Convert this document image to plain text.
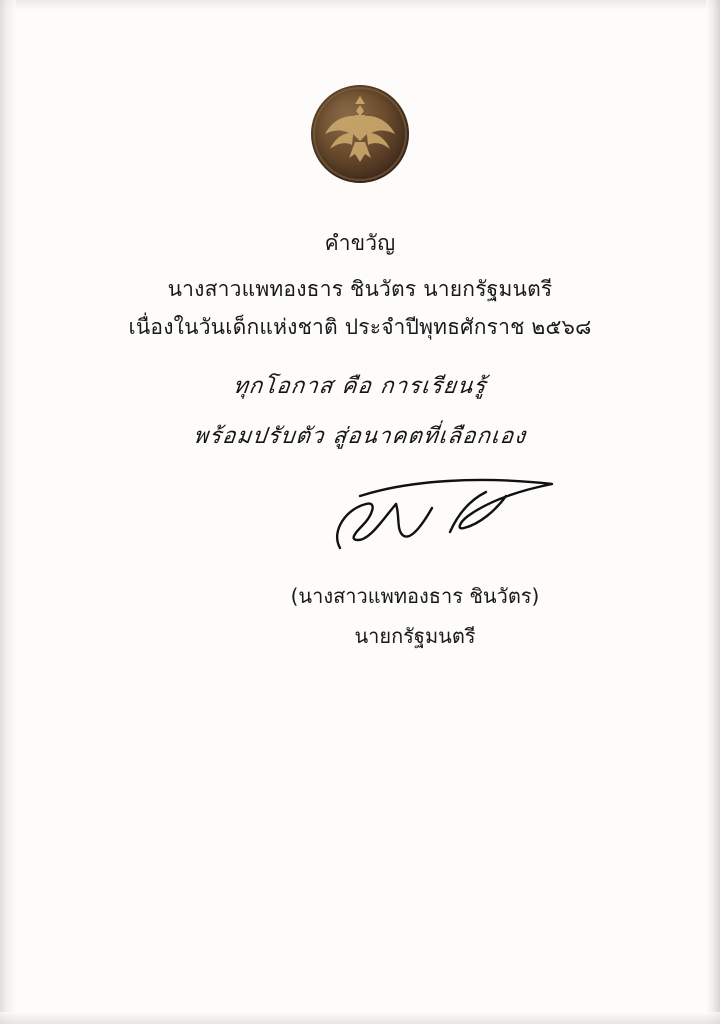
คำขวัญ
นางสาวแพทองธาร ชินวัตร นายกรัฐมนตรี
เนื่องในวันเด็กแห่งชาติ ประจำปีพุทธศักราช ๒๕๖๘
ทุกโอกาส คือ การเรียนรู้
พร้อมปรับตัว สู่อนาคตที่เลือกเอง
(นางสาวแพทองธาร ชินวัตร)
นายกรัฐมนตรี
